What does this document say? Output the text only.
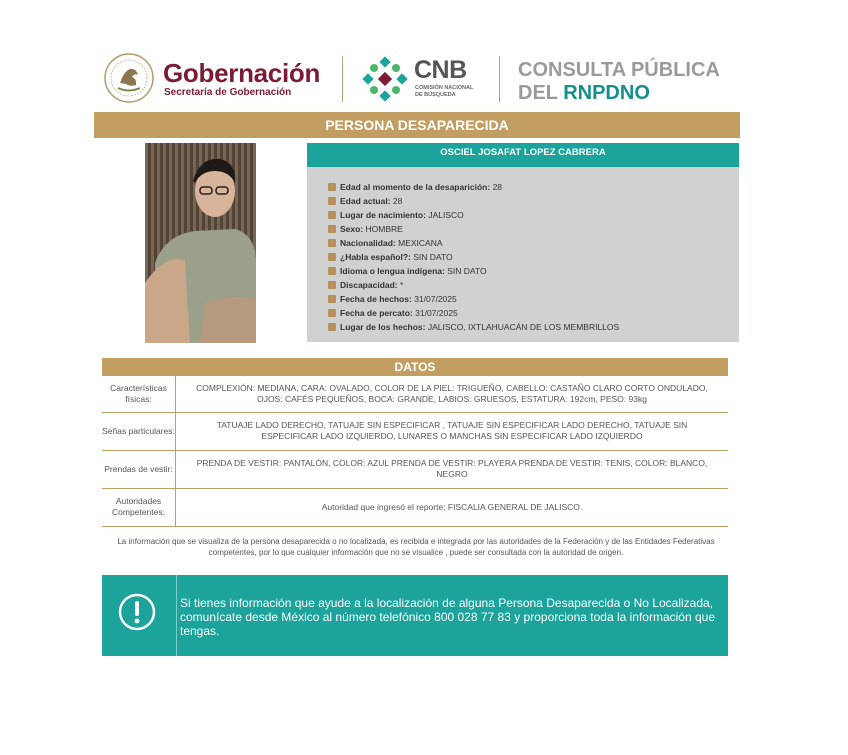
Gobernación
Secretaría de Gobernación
CNB
COMISIÓN NACIONAL
DE BÚSQUEDA
CONSULTA PÚBLICA
DEL RNPDNO
PERSONA DESAPARECIDA
OSCIEL JOSAFAT LOPEZ CABRERA
Edad al momento de la desaparición: 28
Edad actual: 28
Lugar de nacimiento: JALISCO
Sexo: HOMBRE
Nacionalidad: MEXICANA
¿Habla español?: SIN DATO
Idioma o lengua indígena: SIN DATO
Discapacidad: *
Fecha de hechos: 31/07/2025
Fecha de percato: 31/07/2025
Lugar de los hechos: JALISCO, IXTLAHUACÁN DE LOS MEMBRILLOS
DATOS
Características físicas:
COMPLEXIÓN: MEDIANA, CARA: OVALADO, COLOR DE LA PIEL: TRIGUEÑO, CABELLO: CASTAÑO CLARO CORTO ONDULADO, OJOS: CAFÉS PEQUEÑOS, BOCA: GRANDE, LABIOS: GRUESOS, ESTATURA: 192cm, PESO: 93kg
Señas particulares:
TATUAJE LADO DERECHO, TATUAJE SIN ESPECIFICAR , TATUAJE SIN ESPECIFICAR LADO DERECHO, TATUAJE SIN ESPECIFICAR LADO IZQUIERDO, LUNARES O MANCHAS SIN ESPECIFICAR LADO IZQUIERDO
Prendas de vestir:
PRENDA DE VESTIR: PANTALÓN, COLOR: AZUL PRENDA DE VESTIR: PLAYERA PRENDA DE VESTIR: TENIS, COLOR: BLANCO, NEGRO
Autoridades Competentes:
Autoridad que ingresó el reporte: FISCALIA GENERAL DE JALISCO.
La información que se visualiza de la persona desaparecida o no localizada, es recibida e integrada por las autoridades de la Federación y de las Entidades Federativas competentes, por lo que cualquier información que no se visualice , puede ser consultada con la autoridad de origen.
Si tienes información que ayude a la localización de alguna Persona Desaparecida o No Localizada, comunícate desde México al número telefónico 800 028 77 83 y proporciona toda la información que tengas.
